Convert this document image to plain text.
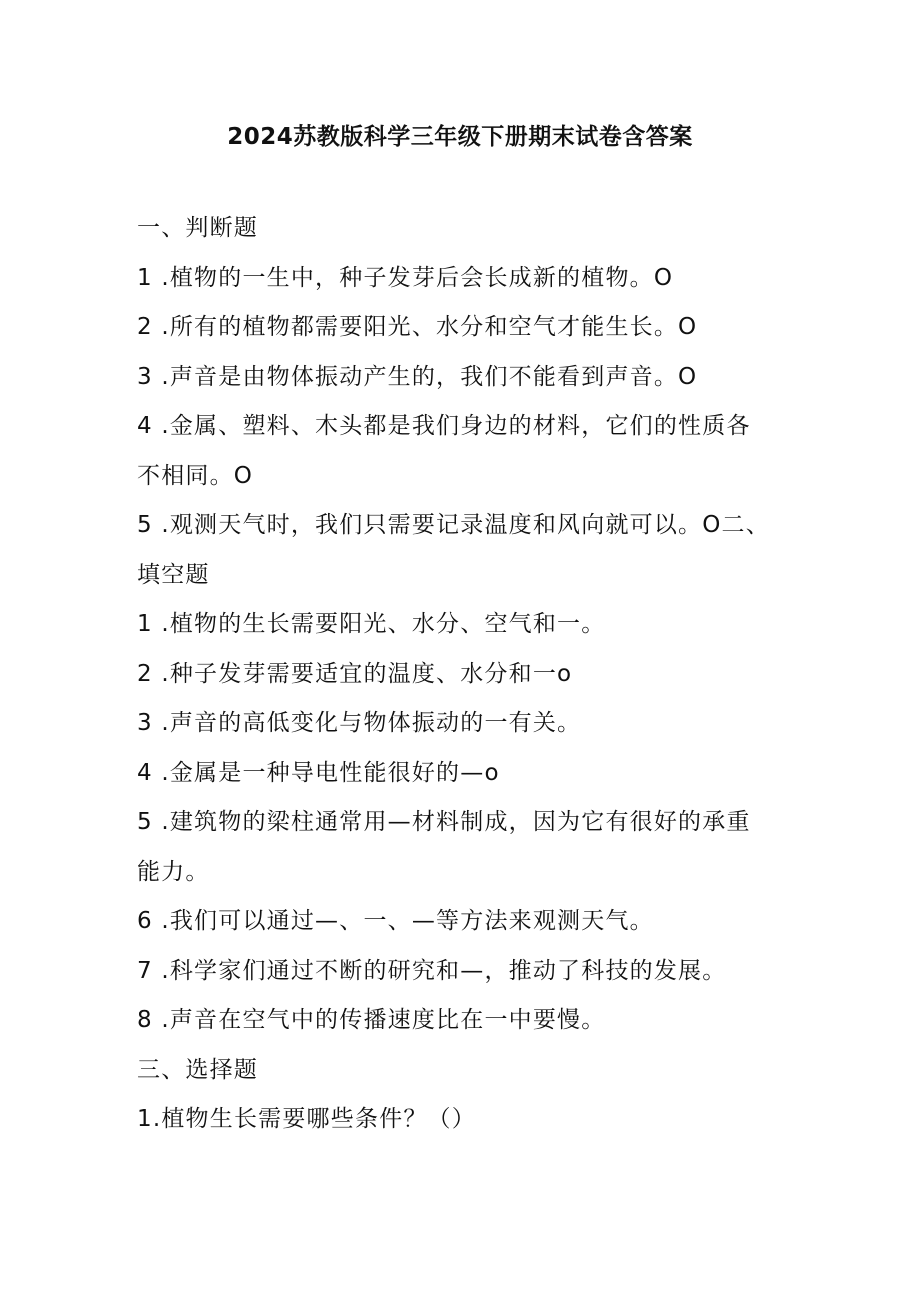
2024苏教版科学三年级下册期末试卷含答案
一、判断题
1 .植物的一生中，种子发芽后会长成新的植物。O
2 .所有的植物都需要阳光、水分和空气才能生长。O
3 .声音是由物体振动产生的，我们不能看到声音。O
4 .金属、塑料、木头都是我们身边的材料，它们的性质各
不相同。O
5 .观测天气时，我们只需要记录温度和风向就可以。O二、
填空题
1 .植物的生长需要阳光、水分、空气和一。
2 .种子发芽需要适宜的温度、水分和一o
3 .声音的高低变化与物体振动的一有关。
4 .金属是一种导电性能很好的—o
5 .建筑物的梁柱通常用—材料制成，因为它有很好的承重
能力。
6 .我们可以通过—、一、—等方法来观测天气。
7 .科学家们通过不断的研究和—，推动了科技的发展。
8 .声音在空气中的传播速度比在一中要慢。
三、选择题
1.植物生长需要哪些条件？（）
